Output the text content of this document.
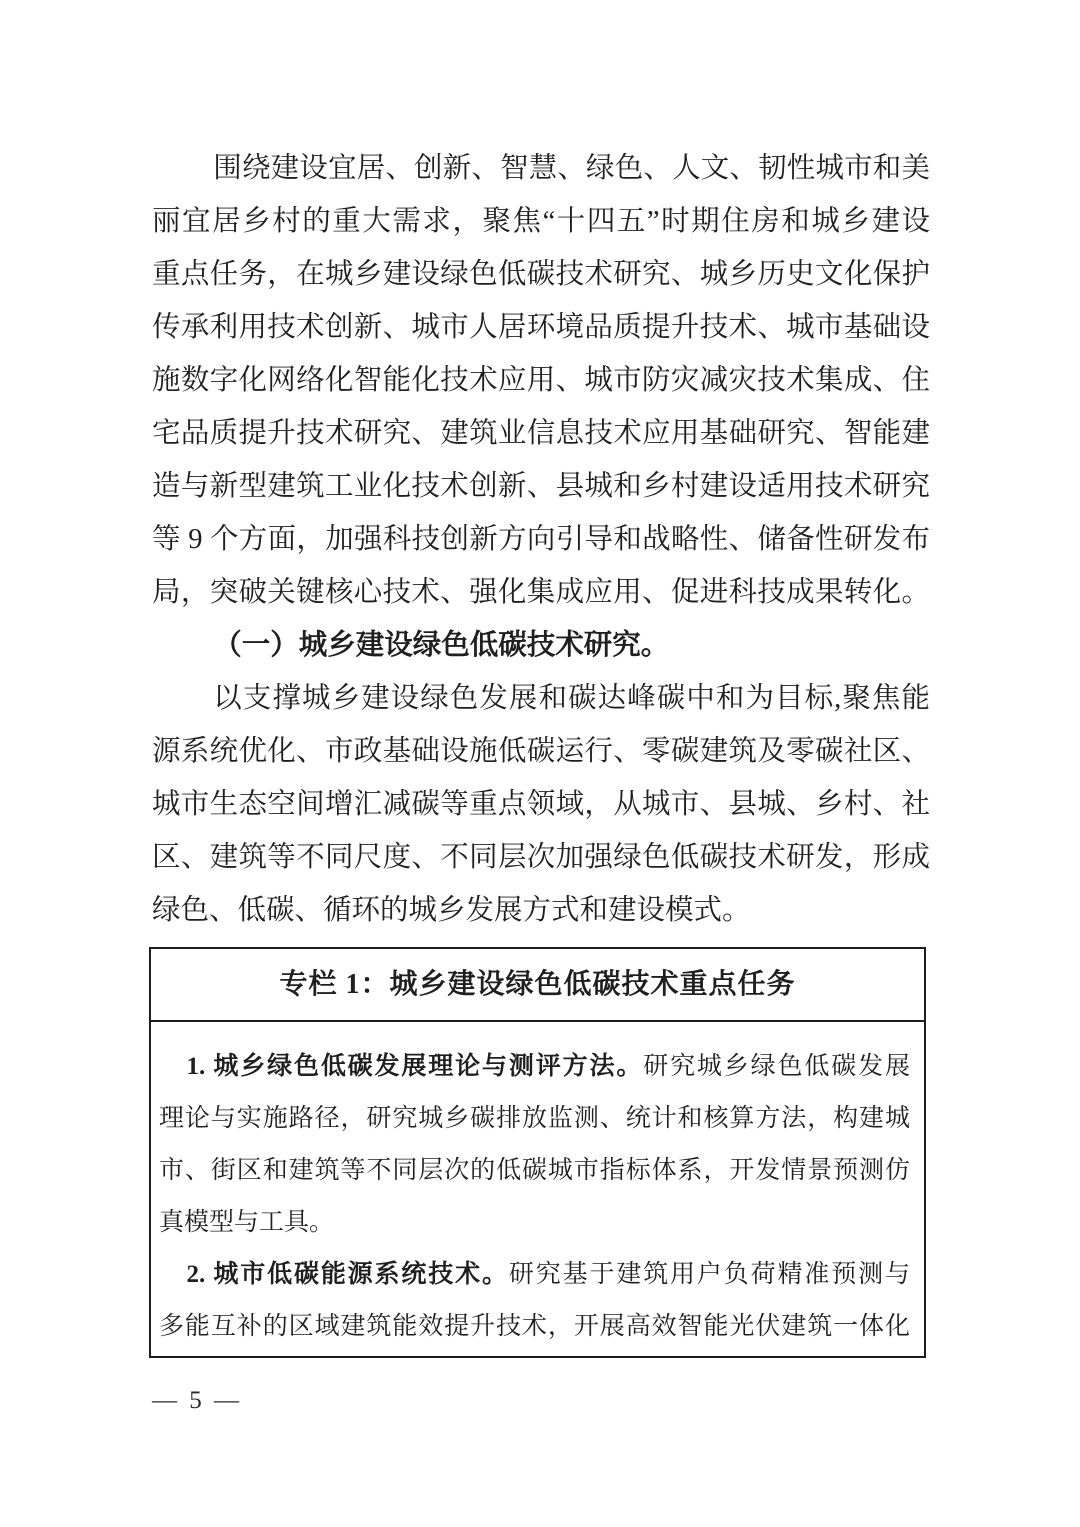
围绕建设宜居、创新、智慧、绿色、人文、韧性城市和美
丽宜居乡村的重大需求，聚焦“十四五”时期住房和城乡建设
重点任务，在城乡建设绿色低碳技术研究、城乡历史文化保护
传承利用技术创新、城市人居环境品质提升技术、城市基础设
施数字化网络化智能化技术应用、城市防灾减灾技术集成、住
宅品质提升技术研究、建筑业信息技术应用基础研究、智能建
造与新型建筑工业化技术创新、县城和乡村建设适用技术研究
等 9 个方面，加强科技创新方向引导和战略性、储备性研发布
局，突破关键核心技术、强化集成应用、促进科技成果转化。
（一）城乡建设绿色低碳技术研究。
以支撑城乡建设绿色发展和碳达峰碳中和为目标,聚焦能
源系统优化、市政基础设施低碳运行、零碳建筑及零碳社区、
城市生态空间增汇减碳等重点领域，从城市、县城、乡村、社
区、建筑等不同尺度、不同层次加强绿色低碳技术研发，形成
绿色、低碳、循环的城乡发展方式和建设模式。
专栏 1：城乡建设绿色低碳技术重点任务
1. 城乡绿色低碳发展理论与测评方法。研究城乡绿色低碳发展
理论与实施路径，研究城乡碳排放监测、统计和核算方法，构建城
市、街区和建筑等不同层次的低碳城市指标体系，开发情景预测仿
真模型与工具。
2. 城市低碳能源系统技术。研究基于建筑用户负荷精准预测与
多能互补的区域建筑能效提升技术，开展高效智能光伏建筑一体化
— 5 —
